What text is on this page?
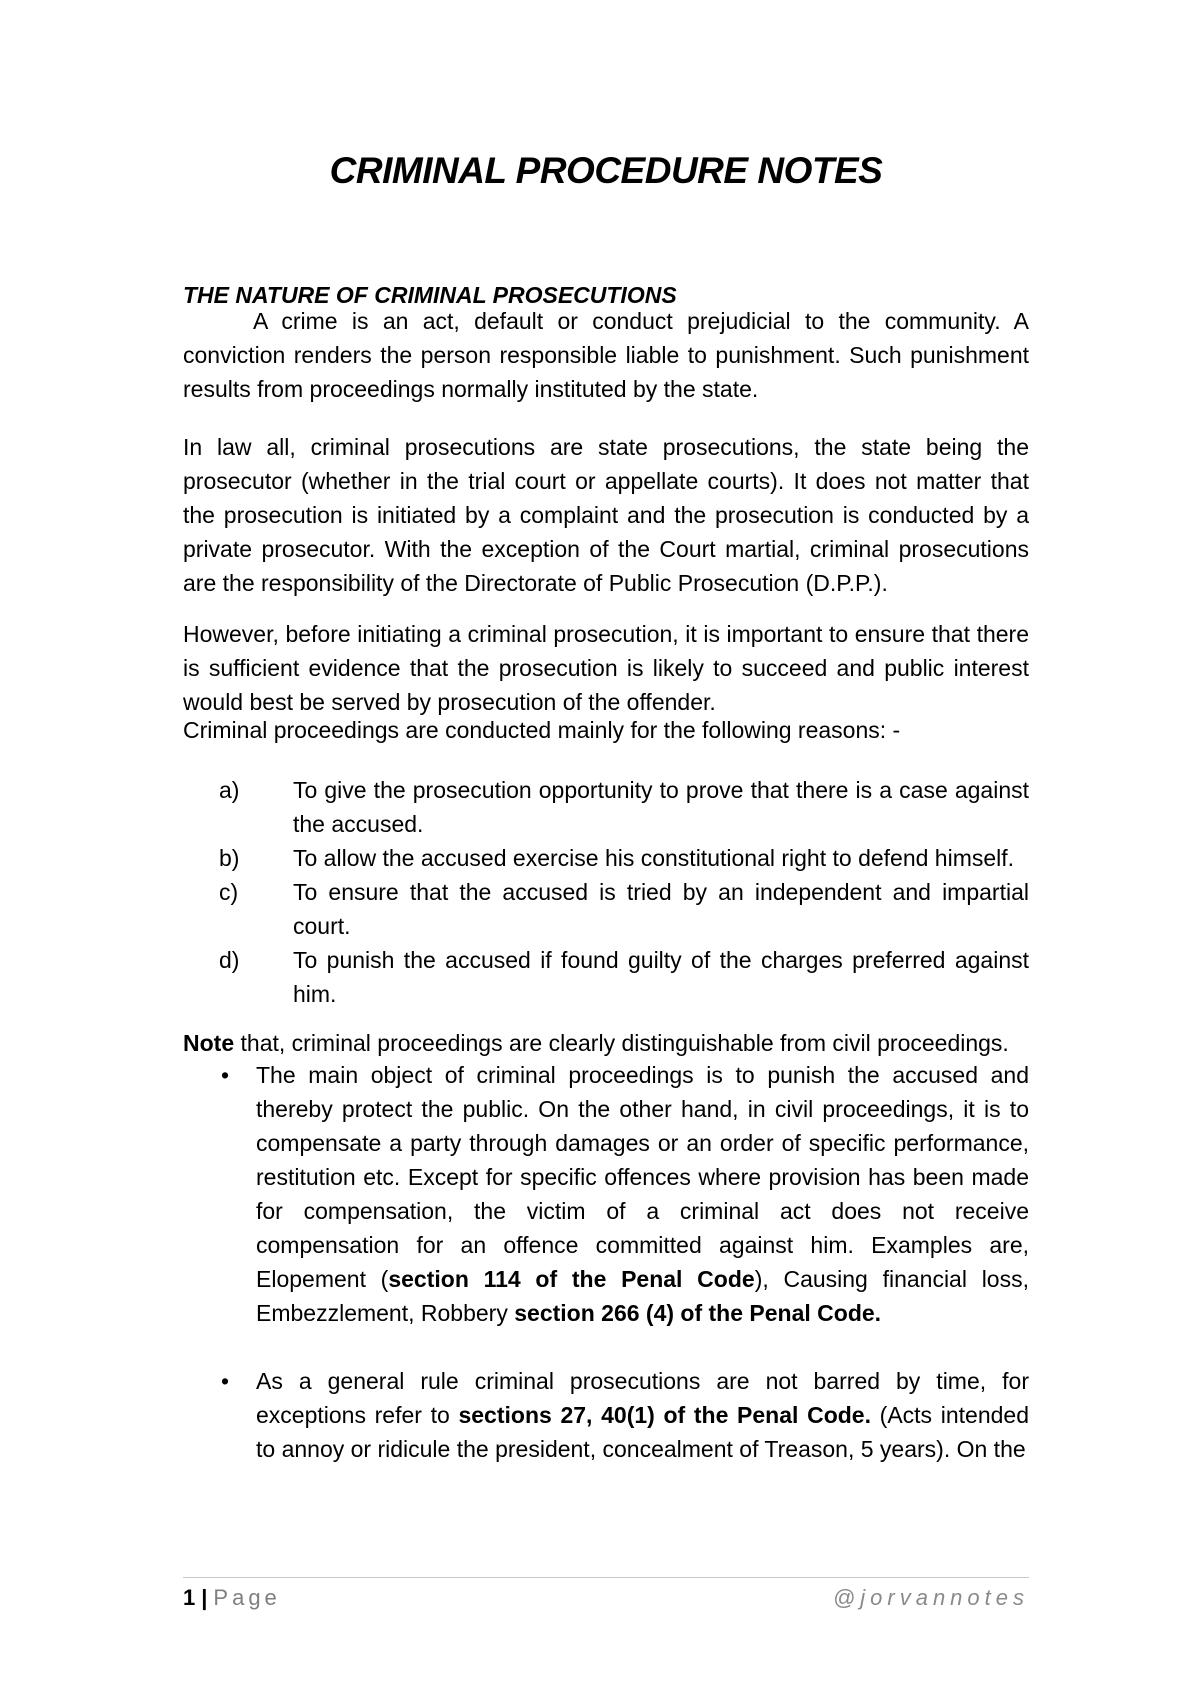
CRIMINAL PROCEDURE NOTES
THE NATURE OF CRIMINAL PROSECUTIONS

A crime is an act, default or conduct prejudicial to the community. A conviction renders the person responsible liable to punishment. Such punishment results from proceedings normally instituted by the state.

In law all, criminal prosecutions are state prosecutions, the state being the prosecutor (whether in the trial court or appellate courts). It does not matter that the prosecution is initiated by a complaint and the prosecution is conducted by a private prosecutor. With the exception of the Court martial, criminal prosecutions are the responsibility of the Directorate of Public Prosecution (D.P.P.).

However, before initiating a criminal prosecution, it is important to ensure that there is sufficient evidence that the prosecution is likely to succeed and public interest would best be served by prosecution of the offender.

Criminal proceedings are conducted mainly for the following reasons: -

a) To give the prosecution opportunity to prove that there is a case against the accused.
b) To allow the accused exercise his constitutional right to defend himself.
c) To ensure that the accused is tried by an independent and impartial court.
d) To punish the accused if found guilty of the charges preferred against him.

Note that, criminal proceedings are clearly distinguishable from civil proceedings.

• The main object of criminal proceedings is to punish the accused and thereby protect the public. On the other hand, in civil proceedings, it is to compensate a party through damages or an order of specific performance, restitution etc. Except for specific offences where provision has been made for compensation, the victim of a criminal act does not receive compensation for an offence committed against him. Examples are, Elopement (section 114 of the Penal Code), Causing financial loss, Embezzlement, Robbery section 266 (4) of the Penal Code.
• As a general rule criminal prosecutions are not barred by time, for exceptions refer to sections 27, 40(1) of the Penal Code. (Acts intended to annoy or ridicule the president, concealment of Treason, 5 years). On the
1 | Page	@jorvannotes
